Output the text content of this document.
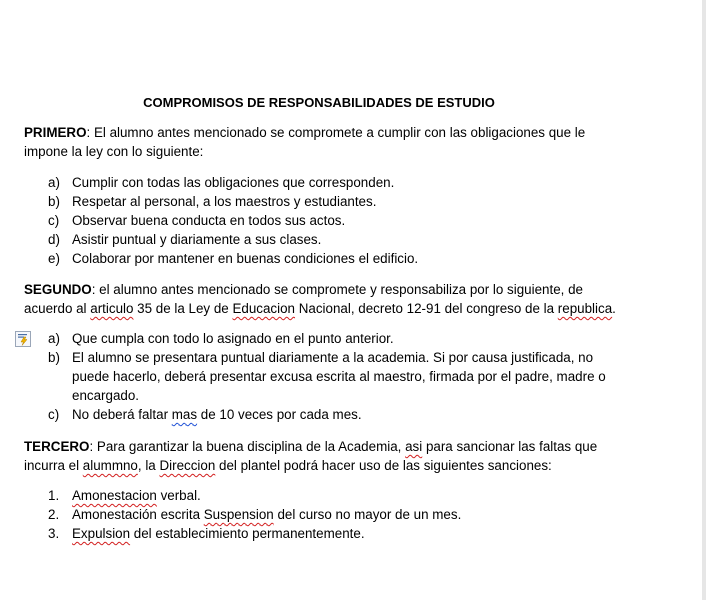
COMPROMISOS DE RESPONSABILIDADES DE ESTUDIO
PRIMERO: El alumno antes mencionado se compromete a cumplir con las obligaciones que le impone la ley con lo siguiente:
a) Cumplir con todas las obligaciones que corresponden.
b) Respetar al personal, a los maestros y estudiantes.
c) Observar buena conducta en todos sus actos.
d) Asistir puntual y diariamente a sus clases.
e) Colaborar por mantener en buenas condiciones el edificio.
SEGUNDO: el alumno antes mencionado se compromete y responsabiliza por lo siguiente, de acuerdo al articulo 35 de la Ley de Educacion Nacional, decreto 12-91 del congreso de la republica.
a) Que cumpla con todo lo asignado en el punto anterior.
b) El alumno se presentara puntual diariamente a la academia. Si por causa justificada, no puede hacerlo, deberá presentar excusa escrita al maestro, firmada por el padre, madre o encargado.
c) No deberá faltar mas de 10 veces por cada mes.
TERCERO: Para garantizar la buena disciplina de la Academia, asi para sancionar las faltas que incurra el alummno, la Direccion del plantel podrá hacer uso de las siguientes sanciones:
1. Amonestacion verbal.
2. Amonestación escrita Suspension del curso no mayor de un mes.
3. Expulsion del establecimiento permanentemente.
